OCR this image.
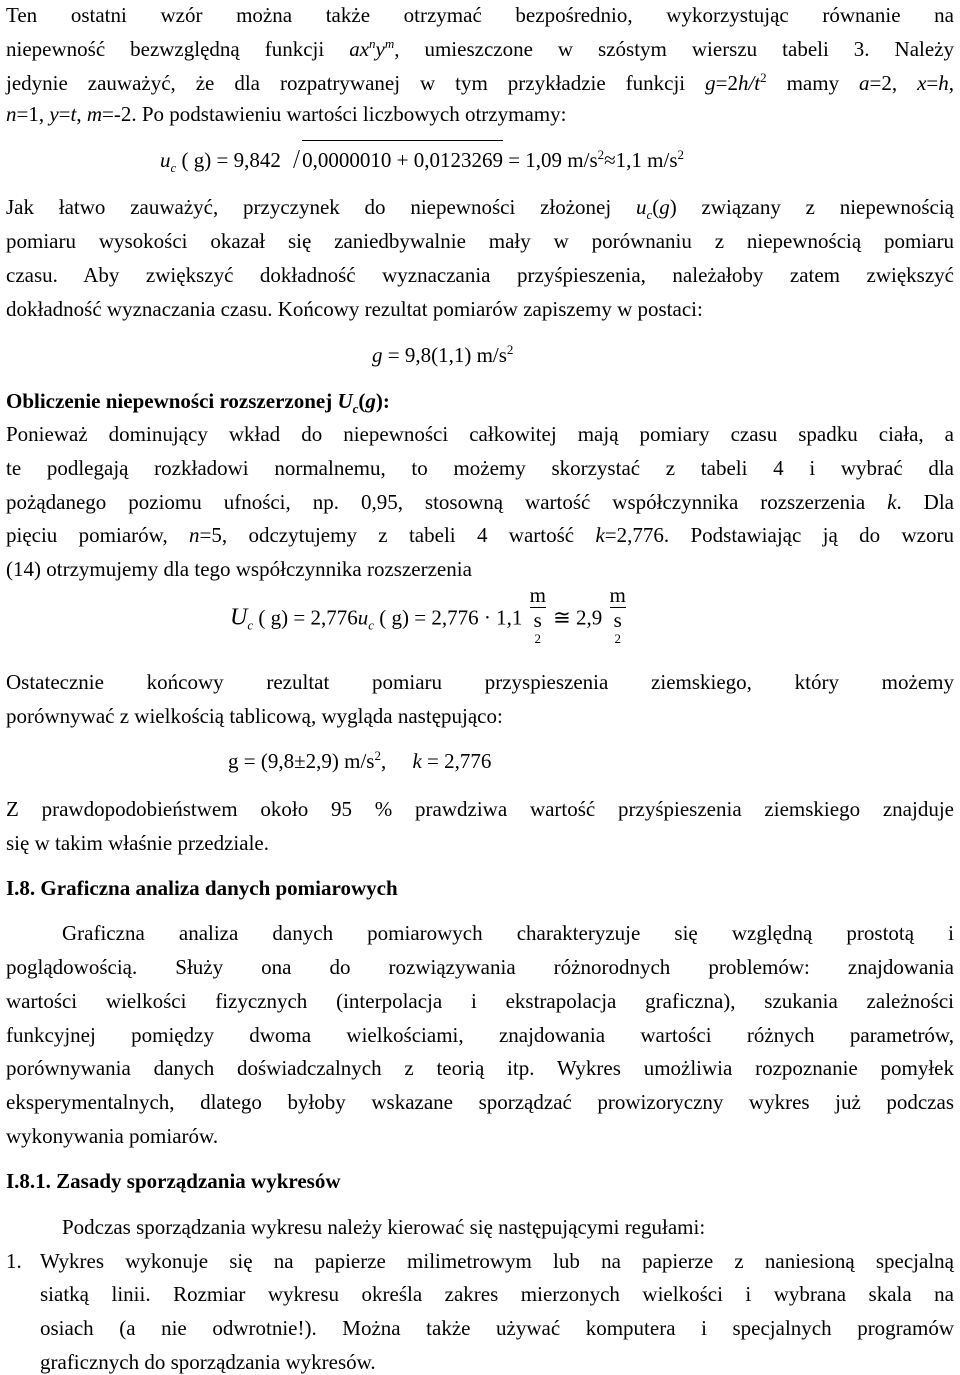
Ten ostatni wzór można także otrzymać bezpośrednio, wykorzystując równanie na
niepewność bezwzględną funkcji $ax^ny^m$, umieszczone w szóstym wierszu tabeli 3. Należy
jedynie zauważyć, że dla rozpatrywanej w tym przykładzie funkcji $g=2h/t^2$ mamy a=2, x=h,
n=1, y=t, m=-2. Po podstawieniu wartości liczbowych otrzymamy:
$u_c$ ( g) = 9,842 0,0000010 + 0,0123269 = 1,09 $m/s^2\approx 1,1$ $m/s^2$
Jak łatwo zauważyć, przyczynek do niepewności złożonej $u_c(g)$ związany z niepewnością
pomiaru wysokości okazał się zaniedbywalnie mały w porównaniu z niepewnością pomiaru
czasu. Aby zwiększyć dokładność wyznaczania przyśpieszenia, należałoby zatem zwiększyć
dokładność wyznaczania czasu. Końcowy rezultat pomiarów zapiszemy w postaci:
g = 9,8(1,1) $m/s^2$
Obliczenie niepewności rozszerzonej $U_c(g)$:
Ponieważ dominujący wkład do niepewności całkowitej mają pomiary czasu spadku ciała, a
te podlegają rozkładowi normalnemu, to możemy skorzystać z tabeli 4 i wybrać dla
pożądanego poziomu ufności, np. 0,95, stosowną wartość współczynnika rozszerzenia k. Dla
pięciu pomiarów, n=5, odczytujemy z tabeli 4 wartość k=2,776. Podstawiając ją do wzoru
(14) otrzymujemy dla tego współczynnika rozszerzenia
$U_c$ ( $g) = 2,776u_c$ ( g) = 2,776 · 1,1 m
s
$^2$ ≅ 2,9 m
s
$^2$
Ostatecznie końcowy rezultat pomiaru przyspieszenia ziemskiego, który możemy
porównywać z wielkością tablicową, wygląda następująco:
g = (9,8±2,9) $m/s^2$,     k = 2,776
Z prawdopodobieństwem około 95 % prawdziwa wartość przyśpieszenia ziemskiego znajduje
się w takim właśnie przedziale.
I.8. Graficzna analiza danych pomiarowych
Graficzna analiza danych pomiarowych charakteryzuje się względną prostotą i
poglądowością. Służy ona do rozwiązywania różnorodnych problemów: znajdowania
wartości wielkości fizycznych (interpolacja i ekstrapolacja graficzna), szukania zależności
funkcyjnej pomiędzy dwoma wielkościami, znajdowania wartości różnych parametrów,
porównywania danych doświadczalnych z teorią itp. Wykres umożliwia rozpoznanie pomyłek
eksperymentalnych, dlatego byłoby wskazane sporządzać prowizoryczny wykres już podczas
wykonywania pomiarów.
I.8.1. Zasady sporządzania wykresów
Podczas sporządzania wykresu należy kierować się następującymi regułami:
1. Wykres wykonuje się na papierze milimetrowym lub na papierze z naniesioną specjalną
siatką linii. Rozmiar wykresu określa zakres mierzonych wielkości i wybrana skala na
osiach (a nie odwrotnie!). Można także używać komputera i specjalnych programów
graficznych do sporządzania wykresów.
